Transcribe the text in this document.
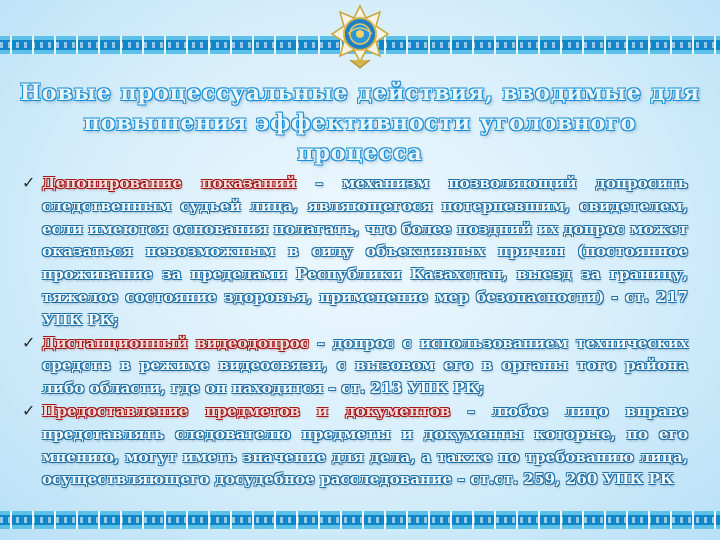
Новые процессуальные действия, вводимые для повышения эффективности уголовного процесса

✓ Депонирование показаний – механизм позволяющий допросить следственным судьей лица, являющегося потерпевшим, свидетелем, если имеются основания полагать, что более поздний их допрос может оказаться невозможным в силу объективных причин (постоянное проживание за пределами Республики Казахстан, выезд за границу, тяжелое состояние здоровья, применение мер безопасности) - ст. 217 УПК РК;

✓ Дистанционный видеодопрос – допрос с использованием технических средств в режиме видеосвязи, с вызовом его в органы того района либо области, где он находится – ст. 213 УПК РК;

✓ Предоставление предметов и документов – любое лицо вправе представлять следователю предметы и документы которые, по его мнению, могут иметь значение для дела, а также по требованию лица, осуществляющего досудебное расследование – ст.ст. 259, 260 УПК РК
